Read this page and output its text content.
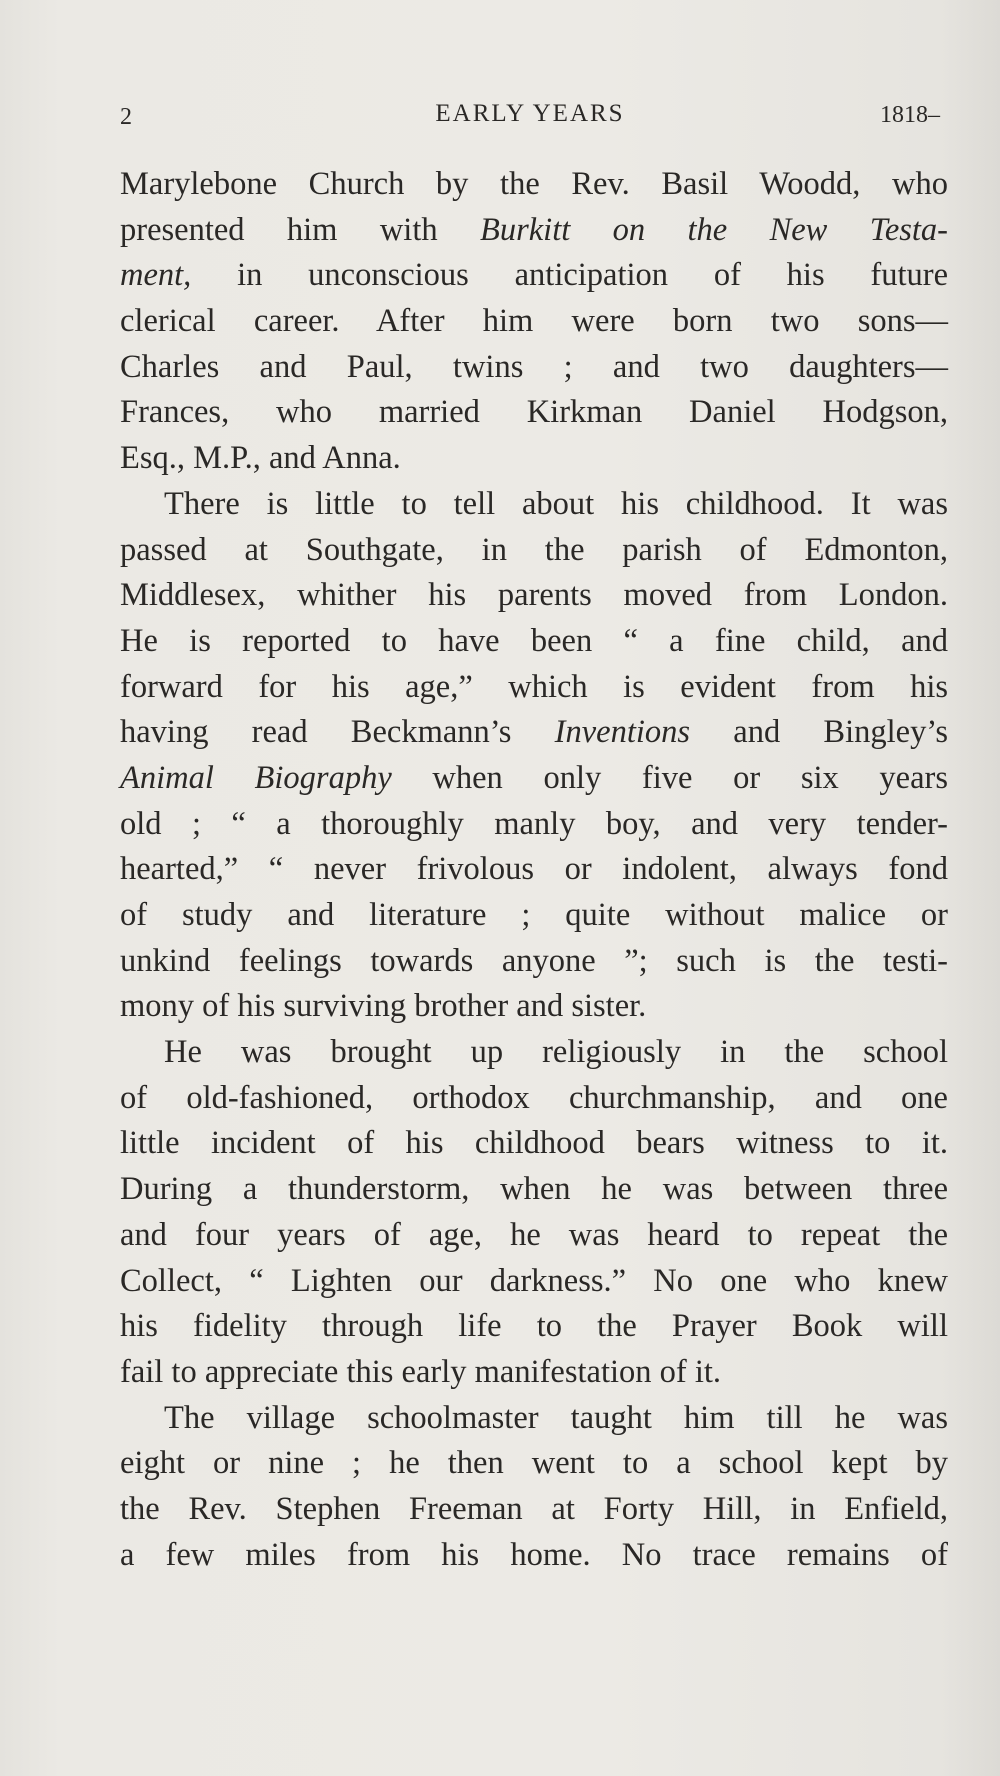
2	EARLY YEARS	1818–
Marylebone Church by the Rev. Basil Woodd, who
presented him with Burkitt on the New Testa-
ment, in unconscious anticipation of his future
clerical career. After him were born two sons—
Charles and Paul, twins ; and two daughters—
Frances, who married Kirkman Daniel Hodgson,
Esq., M.P., and Anna.
There is little to tell about his childhood. It was
passed at Southgate, in the parish of Edmonton,
Middlesex, whither his parents moved from London.
He is reported to have been “ a fine child, and
forward for his age,” which is evident from his
having read Beckmann’s Inventions and Bingley’s
Animal Biography when only five or six years
old ; “ a thoroughly manly boy, and very tender-
hearted,” “ never frivolous or indolent, always fond
of study and literature ; quite without malice or
unkind feelings towards anyone ”; such is the testi-
mony of his surviving brother and sister.
He was brought up religiously in the school
of old-fashioned, orthodox churchmanship, and one
little incident of his childhood bears witness to it.
During a thunderstorm, when he was between three
and four years of age, he was heard to repeat the
Collect, “ Lighten our darkness.” No one who knew
his fidelity through life to the Prayer Book will
fail to appreciate this early manifestation of it.
The village schoolmaster taught him till he was
eight or nine ; he then went to a school kept by
the Rev. Stephen Freeman at Forty Hill, in Enfield,
a few miles from his home. No trace remains of
